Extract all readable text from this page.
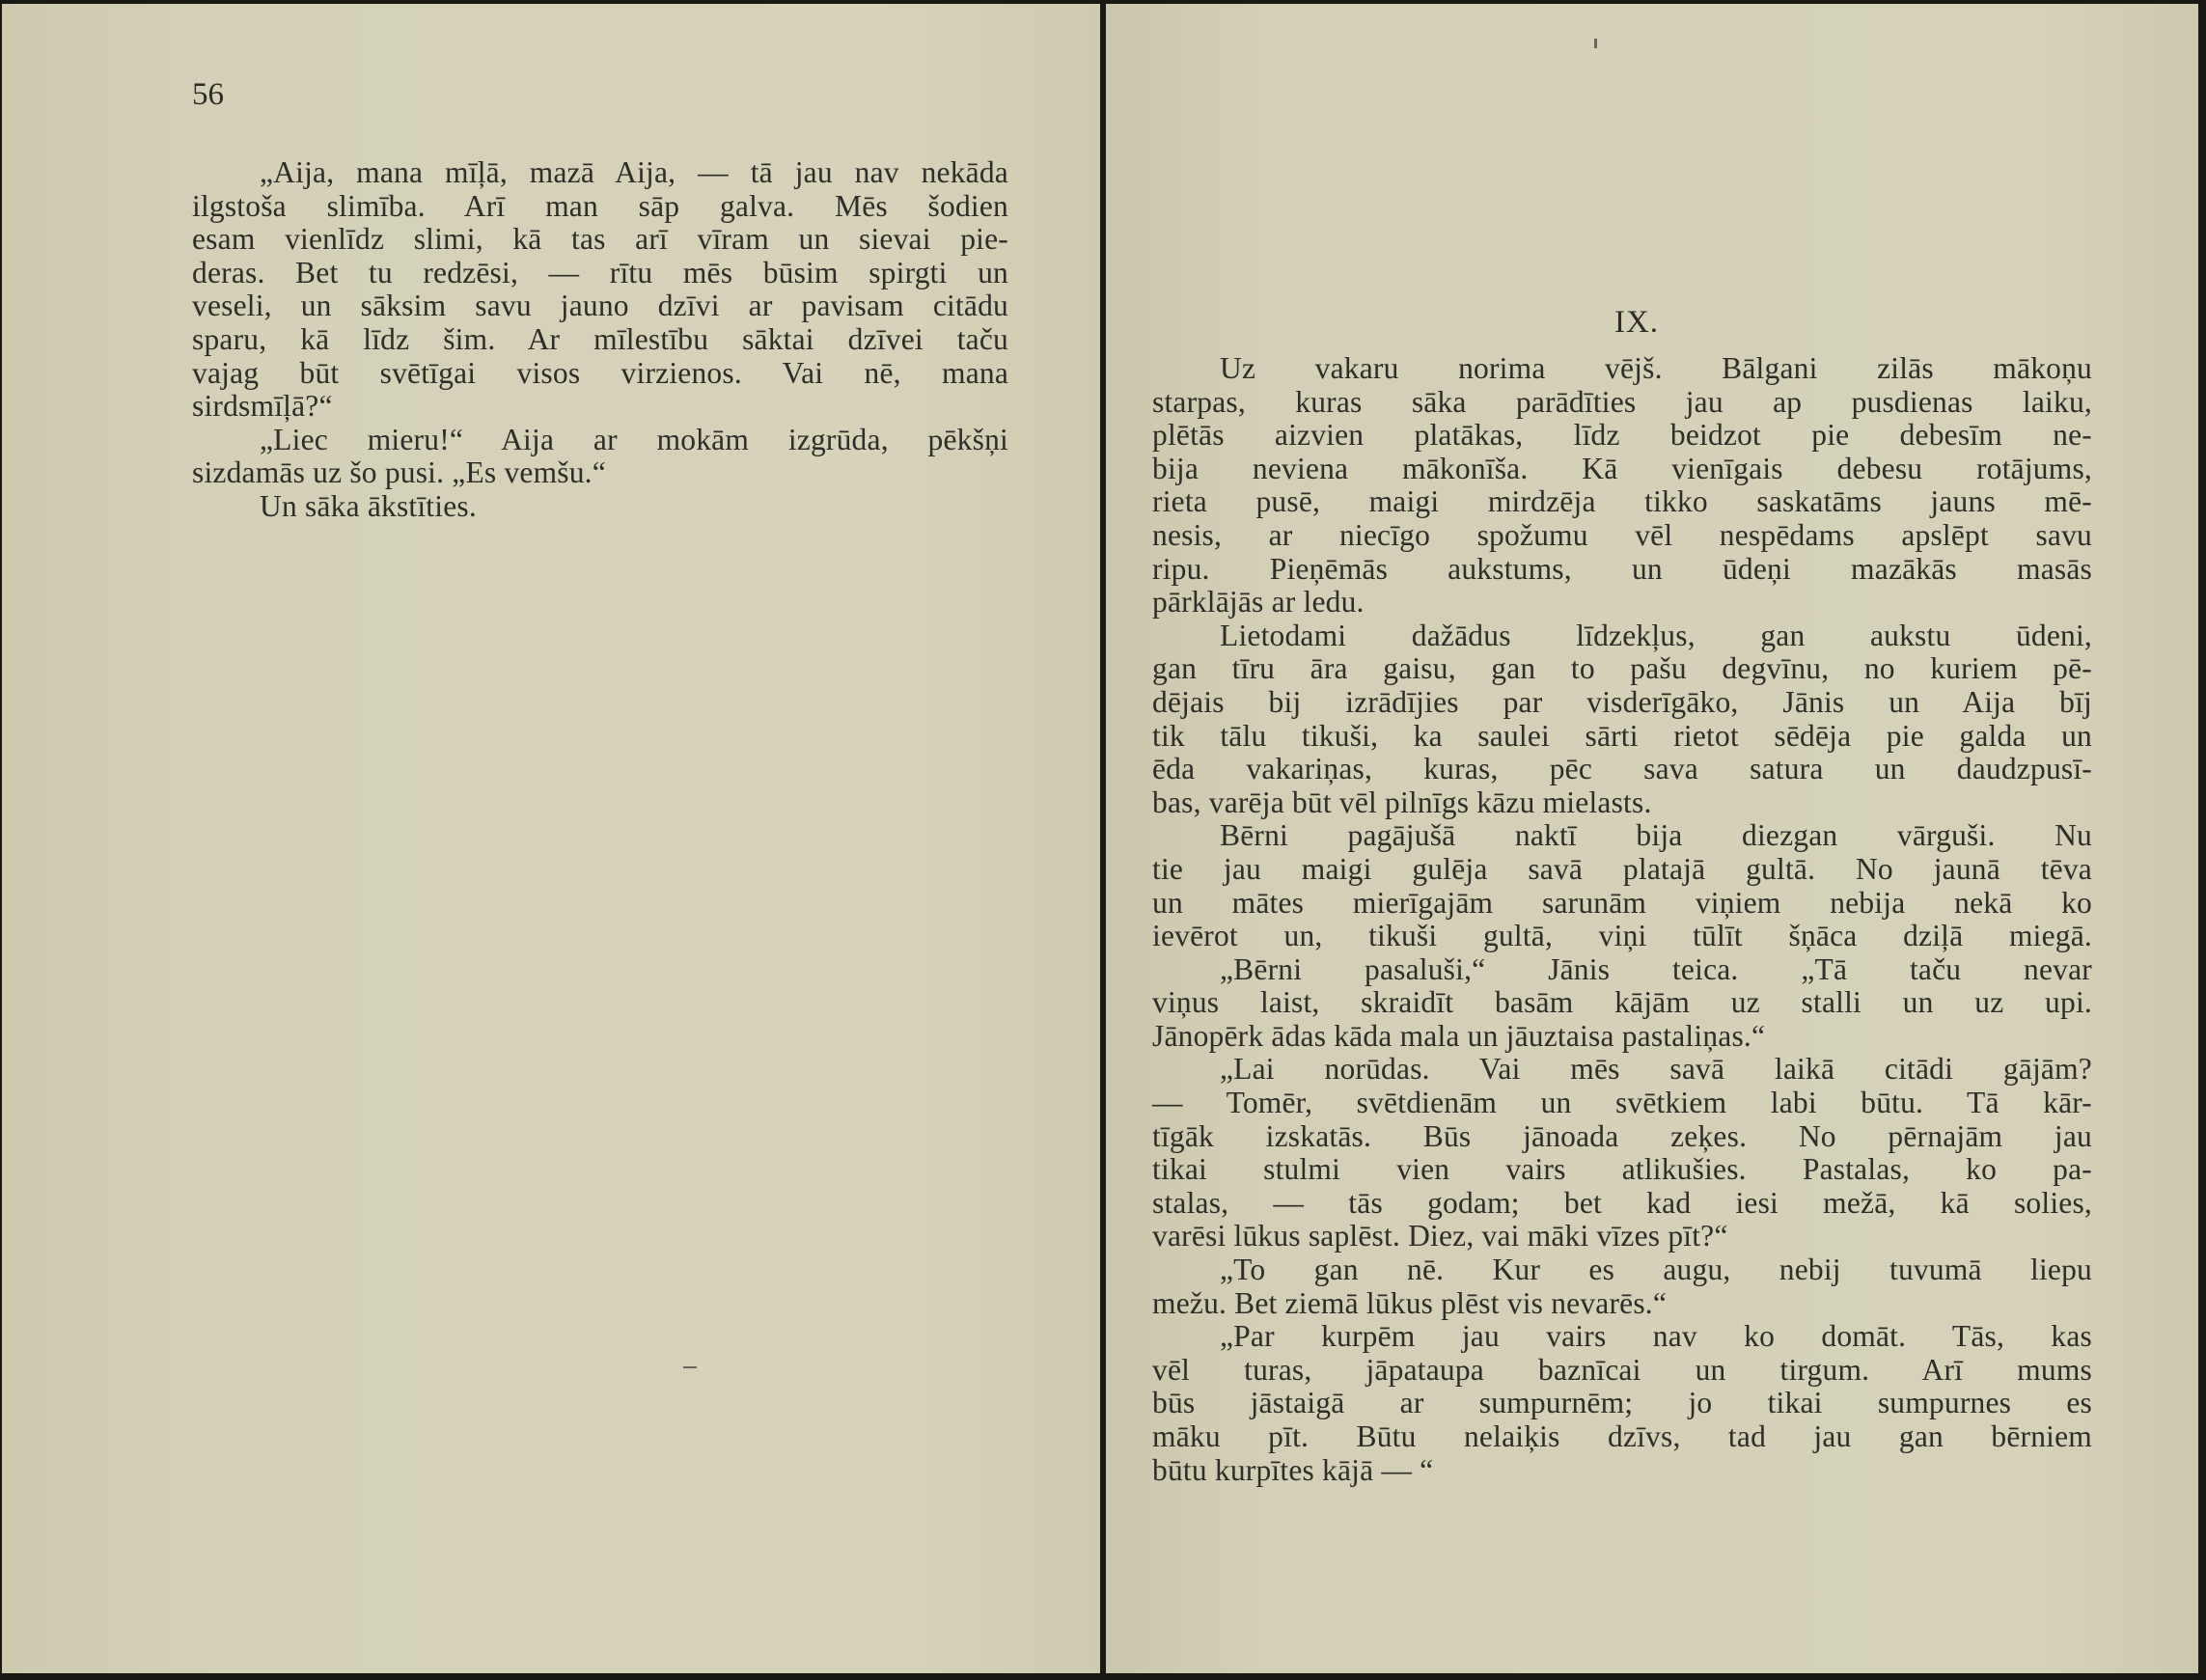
56
„Aija, mana mīļā, mazā Aija, — tā jau nav nekāda
ilgstoša slimība. Arī man sāp galva. Mēs šodien
esam vienlīdz slimi, kā tas arī vīram un sievai pie-
deras. Bet tu redzēsi, — rītu mēs būsim spirgti un
veseli, un sāksim savu jauno dzīvi ar pavisam citādu
sparu, kā līdz šim. Ar mīlestību sāktai dzīvei taču
vajag būt svētīgai visos virzienos. Vai nē, mana
sirdsmīļā?“
„Liec mieru!“ Aija ar mokām izgrūda, pēkšņi
sizdamās uz šo pusi. „Es vemšu.“
Un sāka ākstīties.
Uz vakaru norima vējš. Bālgani zilās mākoņu
starpas, kuras sāka parādīties jau ap pusdienas laiku,
plētās aizvien platākas, līdz beidzot pie debesīm ne-
bija neviena mākonīša. Kā vienīgais debesu rotājums,
rieta pusē, maigi mirdzēja tikko saskatāms jauns mē-
nesis, ar niecīgo spožumu vēl nespēdams apslēpt savu
ripu. Pieņēmās aukstums, un ūdeņi mazākās masās
pārklājās ar ledu.
Lietodami dažādus līdzekļus, gan aukstu ūdeni,
gan tīru āra gaisu, gan to pašu degvīnu, no kuriem pē-
dējais bij izrādījies par visderīgāko, Jānis un Aija bīj
tik tālu tikuši, ka saulei sārti rietot sēdēja pie galda un
ēda vakariņas, kuras, pēc sava satura un daudzpusī-
bas, varēja būt vēl pilnīgs kāzu mielasts.
Bērni pagājušā naktī bija diezgan vārguši. Nu
tie jau maigi gulēja savā platajā gultā. No jaunā tēva
un mātes mierīgajām sarunām viņiem nebija nekā ko
ievērot un, tikuši gultā, viņi tūlīt šņāca dziļā miegā.
„Bērni pasaluši,“ Jānis teica. „Tā taču nevar
viņus laist, skraidīt basām kājām uz stalli un uz upi.
Jānopērk ādas kāda mala un jāuztaisa pastaliņas.“
„Lai norūdas. Vai mēs savā laikā citādi gājām?
— Tomēr, svētdienām un svētkiem labi būtu. Tā kār-
tīgāk izskatās. Būs jānoada zeķes. No pērnajām jau
tikai stulmi vien vairs atlikušies. Pastalas, ko pa-
stalas, — tās godam; bet kad iesi mežā, kā solies,
varēsi lūkus saplēst. Diez, vai māki vīzes pīt?“
„To gan nē. Kur es augu, nebij tuvumā liepu
mežu. Bet ziemā lūkus plēst vis nevarēs.“
„Par kurpēm jau vairs nav ko domāt. Tās, kas
vēl turas, jāpataupa baznīcai un tirgum. Arī mums
būs jāstaigā ar sumpurnēm; jo tikai sumpurnes es
māku pīt. Būtu nelaiķis dzīvs, tad jau gan bērniem
būtu kurpītes kājā — “
IX.
